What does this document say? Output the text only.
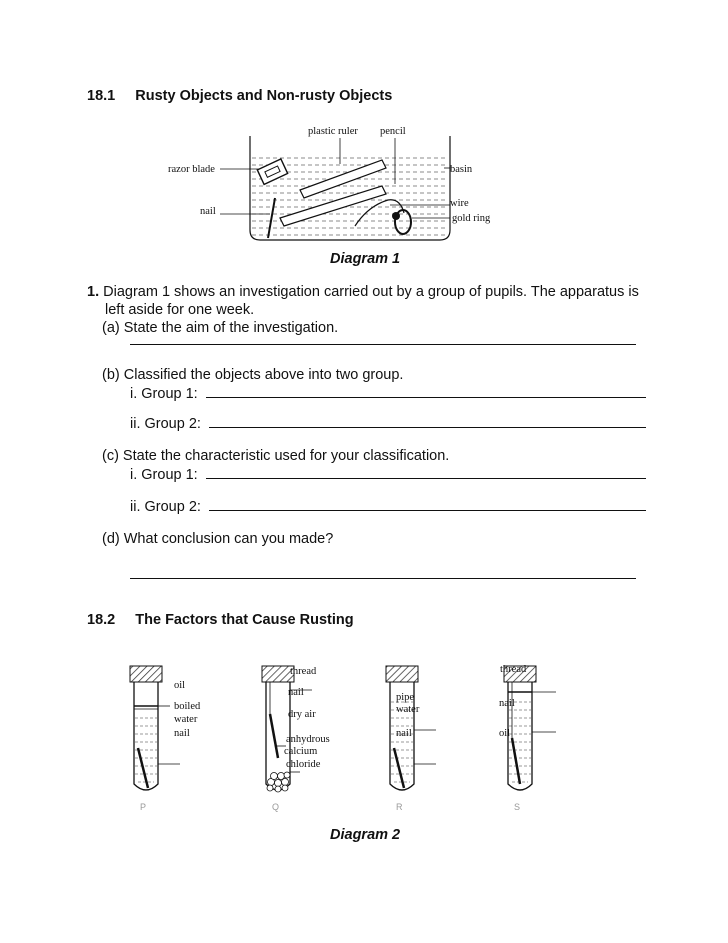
18.1 Rusty Objects and Non-rusty Objects
plastic ruler pencil
razor blade	basin
nail
wire
gold ring
Diagram 1
1. Diagram 1 shows an investigation carried out by a group of pupils. The apparatus is
left aside for one week.
(a) State the aim of the investigation.
(b) Classified the objects above into two group.
i. Group 1:
ii. Group 2:
(c) State the characteristic used for your classification.
i. Group 1:
ii. Group 2:
(d) What conclusion can you made?
18.2 The Factors that Cause Rusting
oil
boiled
water
nail
thread
nail
dry air
anhydrous
calcium
chloride
pipe
water
nail
thread
nail
oil
P	Q	R	S
Diagram 2
